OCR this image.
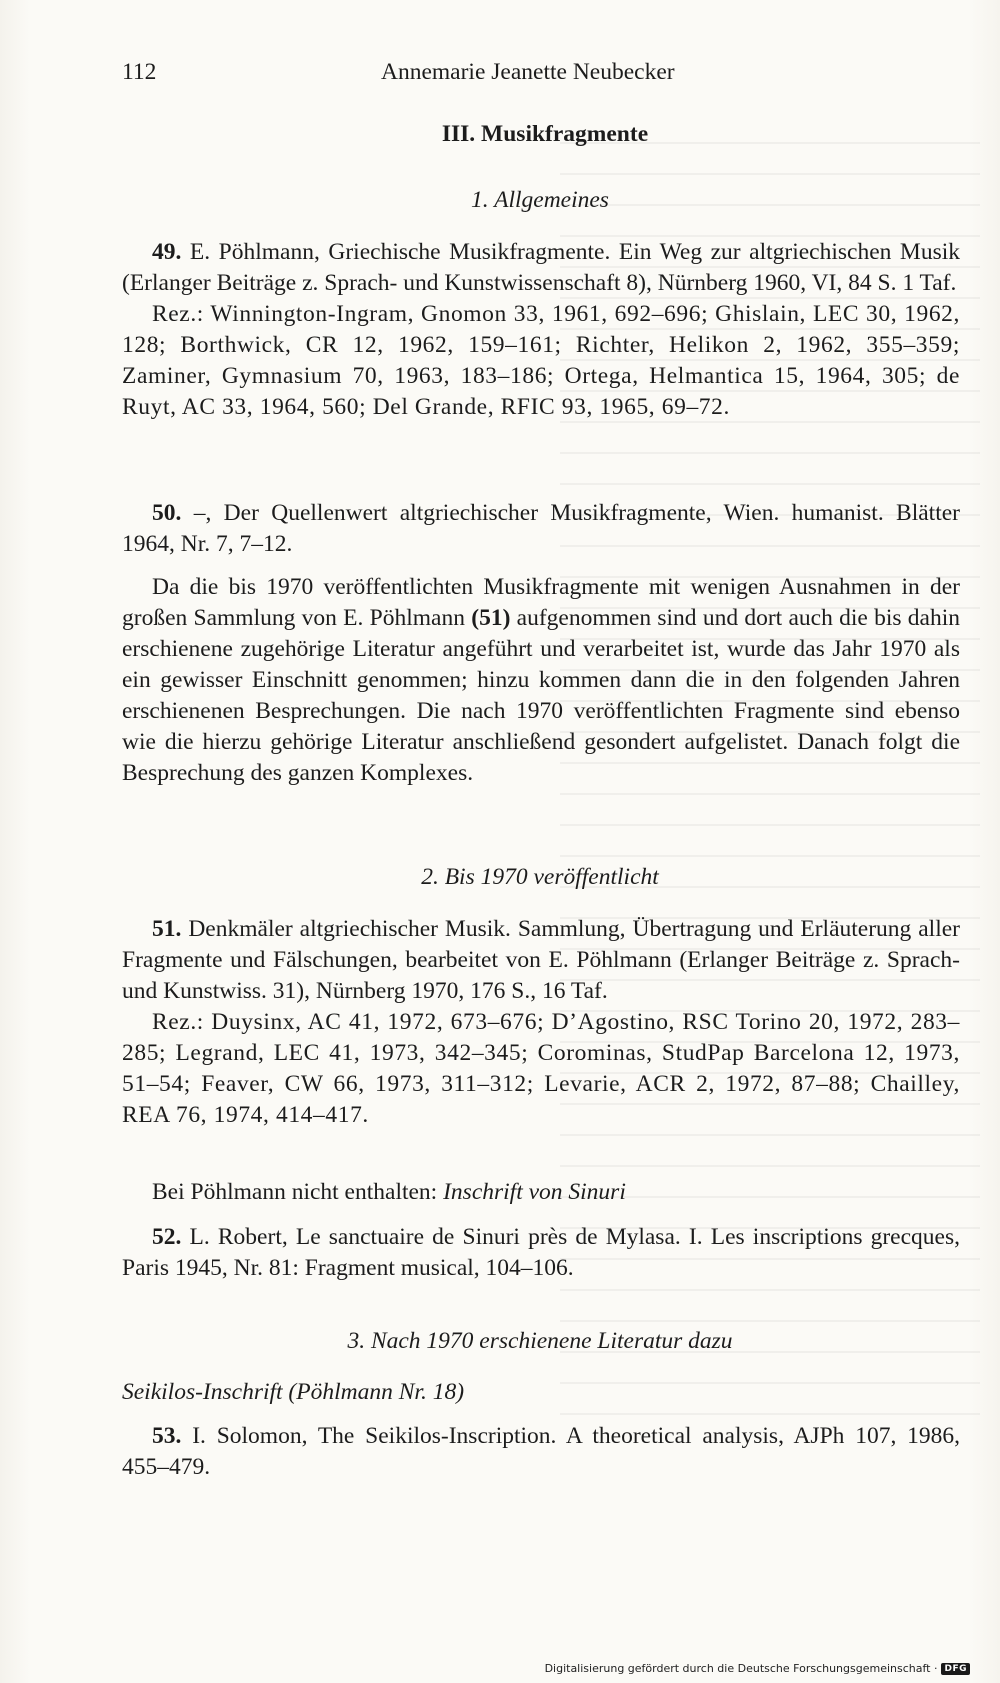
112	Annemarie Jeanette Neubecker
III. Musikfragmente
1. Allgemeines

49. E. Pöhlmann, Griechische Musikfragmente. Ein Weg zur altgriechischen Musik (Erlanger Beiträge z. Sprach- und Kunstwissenschaft 8), Nürnberg 1960, VI, 84 S. 1 Taf.

Rez.: Winnington-Ingram, Gnomon 33, 1961, 692–696; Ghislain, LEC 30, 1962, 128; Borthwick, CR 12, 1962, 159–161; Richter, Helikon 2, 1962, 355–359; Zaminer, Gymnasium 70, 1963, 183–186; Ortega, Helmantica 15, 1964, 305; de Ruyt, AC 33, 1964, 560; Del Grande, RFIC 93, 1965, 69–72.

50. –, Der Quellenwert altgriechischer Musikfragmente, Wien. humanist. Blätter 1964, Nr. 7, 7–12.

Da die bis 1970 veröffentlichten Musikfragmente mit wenigen Ausnahmen in der großen Sammlung von E. Pöhlmann (51) aufgenommen sind und dort auch die bis dahin erschienene zugehörige Literatur angeführt und verarbeitet ist, wurde das Jahr 1970 als ein gewisser Einschnitt genommen; hinzu kommen dann die in den folgenden Jahren erschienenen Besprechungen. Die nach 1970 veröffentlichten Fragmente sind ebenso wie die hierzu gehörige Literatur anschließend gesondert aufgelistet. Danach folgt die Besprechung des ganzen Komplexes.

2. Bis 1970 veröffentlicht

51. Denkmäler altgriechischer Musik. Sammlung, Übertragung und Erläuterung aller Fragmente und Fälschungen, bearbeitet von E. Pöhlmann (Erlanger Beiträge z. Sprach- und Kunstwiss. 31), Nürnberg 1970, 176 S., 16 Taf.

Rez.: Duysinx, AC 41, 1972, 673–676; D’Agostino, RSC Torino 20, 1972, 283–285; Legrand, LEC 41, 1973, 342–345; Corominas, StudPap Barcelona 12, 1973, 51–54; Feaver, CW 66, 1973, 311–312; Levarie, ACR 2, 1972, 87–88; Chailley, REA 76, 1974, 414–417.

Bei Pöhlmann nicht enthalten: Inschrift von Sinuri

52. L. Robert, Le sanctuaire de Sinuri près de Mylasa. I. Les inscriptions grecques, Paris 1945, Nr. 81: Fragment musical, 104–106.

3. Nach 1970 erschienene Literatur dazu

Seikilos-Inschrift (Pöhlmann Nr. 18)

53. I. Solomon, The Seikilos-Inscription. A theoretical analysis, AJPh 107, 1986, 455–479.

Digitalisierung gefördert durch die Deutsche Forschungsgemeinschaft · DFG
